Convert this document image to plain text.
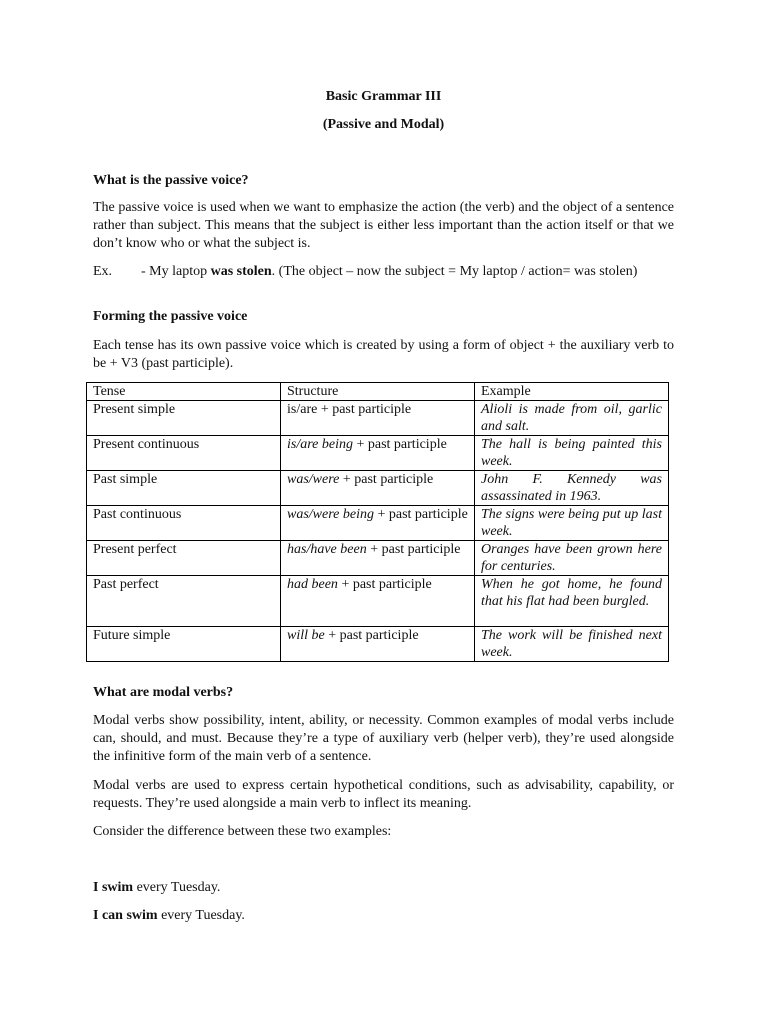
Basic Grammar III
(Passive and Modal)
What is the passive voice?

The passive voice is used when we want to emphasize the action (the verb) and the object of a sentence rather than subject. This means that the subject is either less important than the action itself or that we don’t know who or what the subject is.

Ex. - My laptop was stolen. (The object – now the subject = My laptop / action= was stolen)

Forming the passive voice

Each tense has its own passive voice which is created by using a form of object + the auxiliary verb to be + V3 (past participle).

Tense	Structure	Example
Present simple	is/are + past participle	Alioli is made from oil, garlic and salt.
Present continuous	is/are being + past participle	The hall is being painted this week.
Past simple	was/were + past participle	John F. Kennedy was assassinated in 1963.
Past continuous	was/were being + past participle	The signs were being put up last week.
Present perfect	has/have been + past participle	Oranges have been grown here for centuries.
Past perfect	had been + past participle	When he got home, he found that his flat had been burgled.
Future simple	will be + past participle	The work will be finished next week.
What are modal verbs?

Modal verbs show possibility, intent, ability, or necessity. Common examples of modal verbs include can, should, and must. Because they’re a type of auxiliary verb (helper verb), they’re used alongside the infinitive form of the main verb of a sentence.

Modal verbs are used to express certain hypothetical conditions, such as advisability, capability, or requests. They’re used alongside a main verb to inflect its meaning.

Consider the difference between these two examples:

I swim every Tuesday.

I can swim every Tuesday.
